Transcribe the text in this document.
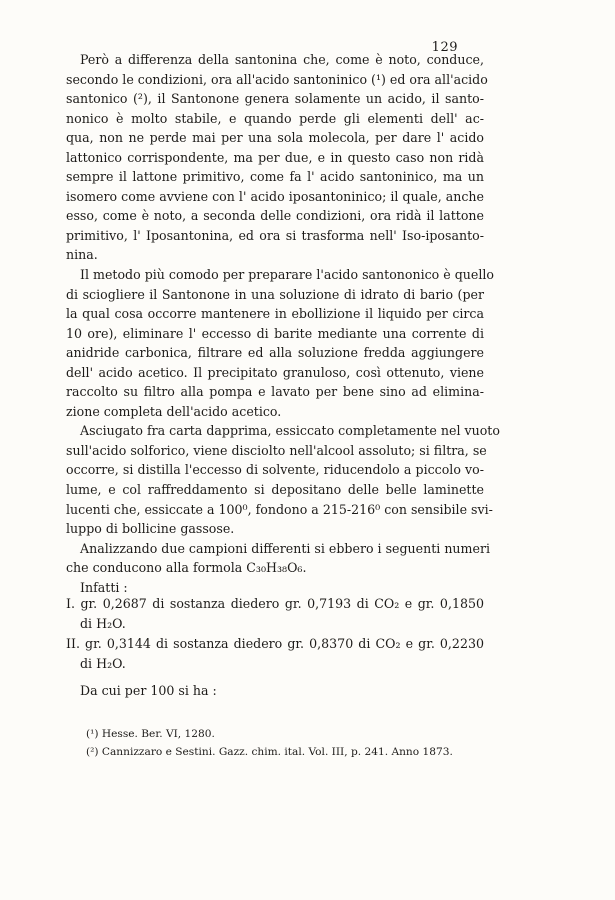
129
Però a differenza della santonina che, come è noto, conduce,
secondo le condizioni, ora all'acido santoninico (¹) ed ora all'acido
santonico (²), il Santonone genera solamente un acido, il santo-
nonico è molto stabile, e quando perde gli elementi dell' ac-
qua, non ne perde mai per una sola molecola, per dare l' acido
lattonico corrispondente, ma per due, e in questo caso non ridà
sempre il lattone primitivo, come fa l' acido santoninico, ma un
isomero come avviene con l' acido iposantoninico; il quale, anche
esso, come è noto, a seconda delle condizioni, ora ridà il lattone
primitivo, l' Iposantonina, ed ora si trasforma nell' Iso-iposanto-
nina.
Il metodo più comodo per preparare l'acido santononico è quello
di sciogliere il Santonone in una soluzione di idrato di bario (per
la qual cosa occorre mantenere in ebollizione il liquido per circa
10 ore), eliminare l' eccesso di barite mediante una corrente di
anidride carbonica, filtrare ed alla soluzione fredda aggiungere
dell' acido acetico. Il precipitato granuloso, così ottenuto, viene
raccolto su filtro alla pompa e lavato per bene sino ad elimina-
zione completa dell'acido acetico.
Asciugato fra carta dapprima, essiccato completamente nel vuoto
sull'acido solforico, viene disciolto nell'alcool assoluto; si filtra, se
occorre, si distilla l'eccesso di solvente, riducendolo a piccolo vo-
lume, e col raffreddamento si depositano delle belle laminette
lucenti che, essiccate a 100⁰, fondono a 215-216⁰ con sensibile svi-
luppo di bollicine gassose.
Analizzando due campioni differenti si ebbero i seguenti numeri
che conducono alla formola C₃₀H₃₈O₆.
Infatti :
I. gr. 0,2687 di sostanza diedero gr. 0,7193 di CO₂ e gr. 0,1850
di H₂O.
II. gr. 0,3144 di sostanza diedero gr. 0,8370 di CO₂ e gr. 0,2230
di H₂O.
Da cui per 100 si ha :
(¹) Hesse. Ber. VI, 1280.
(²) Cannizzaro e Sestini. Gazz. chim. ital. Vol. III, p. 241. Anno 1873.
